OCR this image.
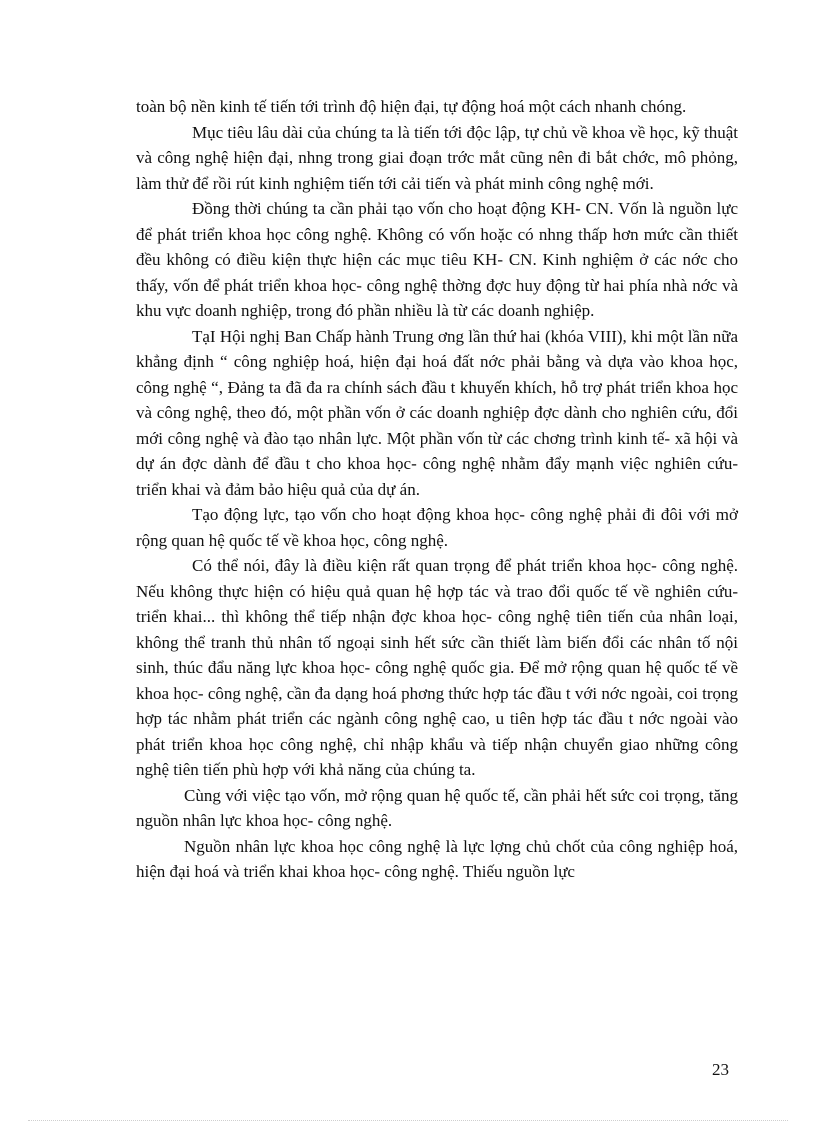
toàn bộ nền kinh tế tiến tới trình độ hiện đại, tự động hoá một cách nhanh chóng.

Mục tiêu lâu dài của chúng ta là tiến tới độc lập, tự chủ về khoa về học, kỹ thuật và công nghệ hiện đại, nhng trong giai đoạn trớc mắt cũng nên đi bắt chớc, mô phỏng, làm thử để rồi rút kinh nghiệm tiến tới cải tiến và phát minh công nghệ mới.

Đồng thời chúng ta cần phải tạo vốn cho hoạt động KH- CN. Vốn là nguồn lực để phát triển khoa học công nghệ. Không có vốn hoặc có nhng thấp hơn mức cần thiết đều không có điều kiện thực hiện các mục tiêu KH- CN. Kinh nghiệm ở các nớc cho thấy, vốn để phát triển khoa học- công nghệ thờng đợc huy động từ hai phía nhà nớc và khu vực doanh nghiệp, trong đó phần nhiều là từ các doanh nghiệp.

TạI Hội nghị Ban Chấp hành Trung ơng lần thứ hai (khóa VIII), khi một lần nữa khẳng định “ công nghiệp hoá, hiện đại hoá đất nớc phải bằng và dựa vào khoa học, công nghệ “, Đảng ta đã đa ra chính sách đầu t khuyến khích, hỗ trợ phát triển khoa học và công nghệ, theo đó, một phần vốn ở các doanh nghiệp đợc dành cho nghiên cứu, đổi mới công nghệ và đào tạo nhân lực. Một phần vốn từ các chơng trình kinh tế- xã hội và dự án đợc dành để đầu t cho khoa học- công nghệ nhằm đẩy mạnh việc nghiên cứu- triển khai và đảm bảo hiệu quả của dự án.

Tạo động lực, tạo vốn cho hoạt động khoa học- công nghệ phải đi đôi với mở rộng quan hệ quốc tế về khoa học, công nghệ.

Có thể nói, đây là điều kiện rất quan trọng để phát triển khoa học- công nghệ. Nếu không thực hiện có hiệu quả quan hệ hợp tác và trao đổi quốc tế về nghiên cứu- triển khai... thì không thể tiếp nhận đợc khoa học- công nghệ tiên tiến của nhân loại, không thể tranh thủ nhân tố ngoại sinh hết sức cần thiết làm biến đổi các nhân tố nội sinh, thúc đẩu năng lực khoa học- công nghệ quốc gia. Để mở rộng quan hệ quốc tế về khoa học- công nghệ, cần đa dạng hoá phơng thức hợp tác đầu t với nớc ngoài, coi trọng hợp tác nhằm phát triển các ngành công nghệ cao, u tiên hợp tác đầu t nớc ngoài vào phát triển khoa học công nghệ, chỉ nhập khẩu và tiếp nhận chuyển giao những công nghệ tiên tiến phù hợp với khả năng của chúng ta.

Cùng với việc tạo vốn, mở rộng quan hệ quốc tế, cần phải hết sức coi trọng, tăng nguồn nhân lực khoa học- công nghệ.

Nguồn nhân lực khoa học công nghệ là lực lợng chủ chốt của công nghiệp hoá, hiện đại hoá và triển khai khoa học- công nghệ. Thiếu nguồn lực

23
